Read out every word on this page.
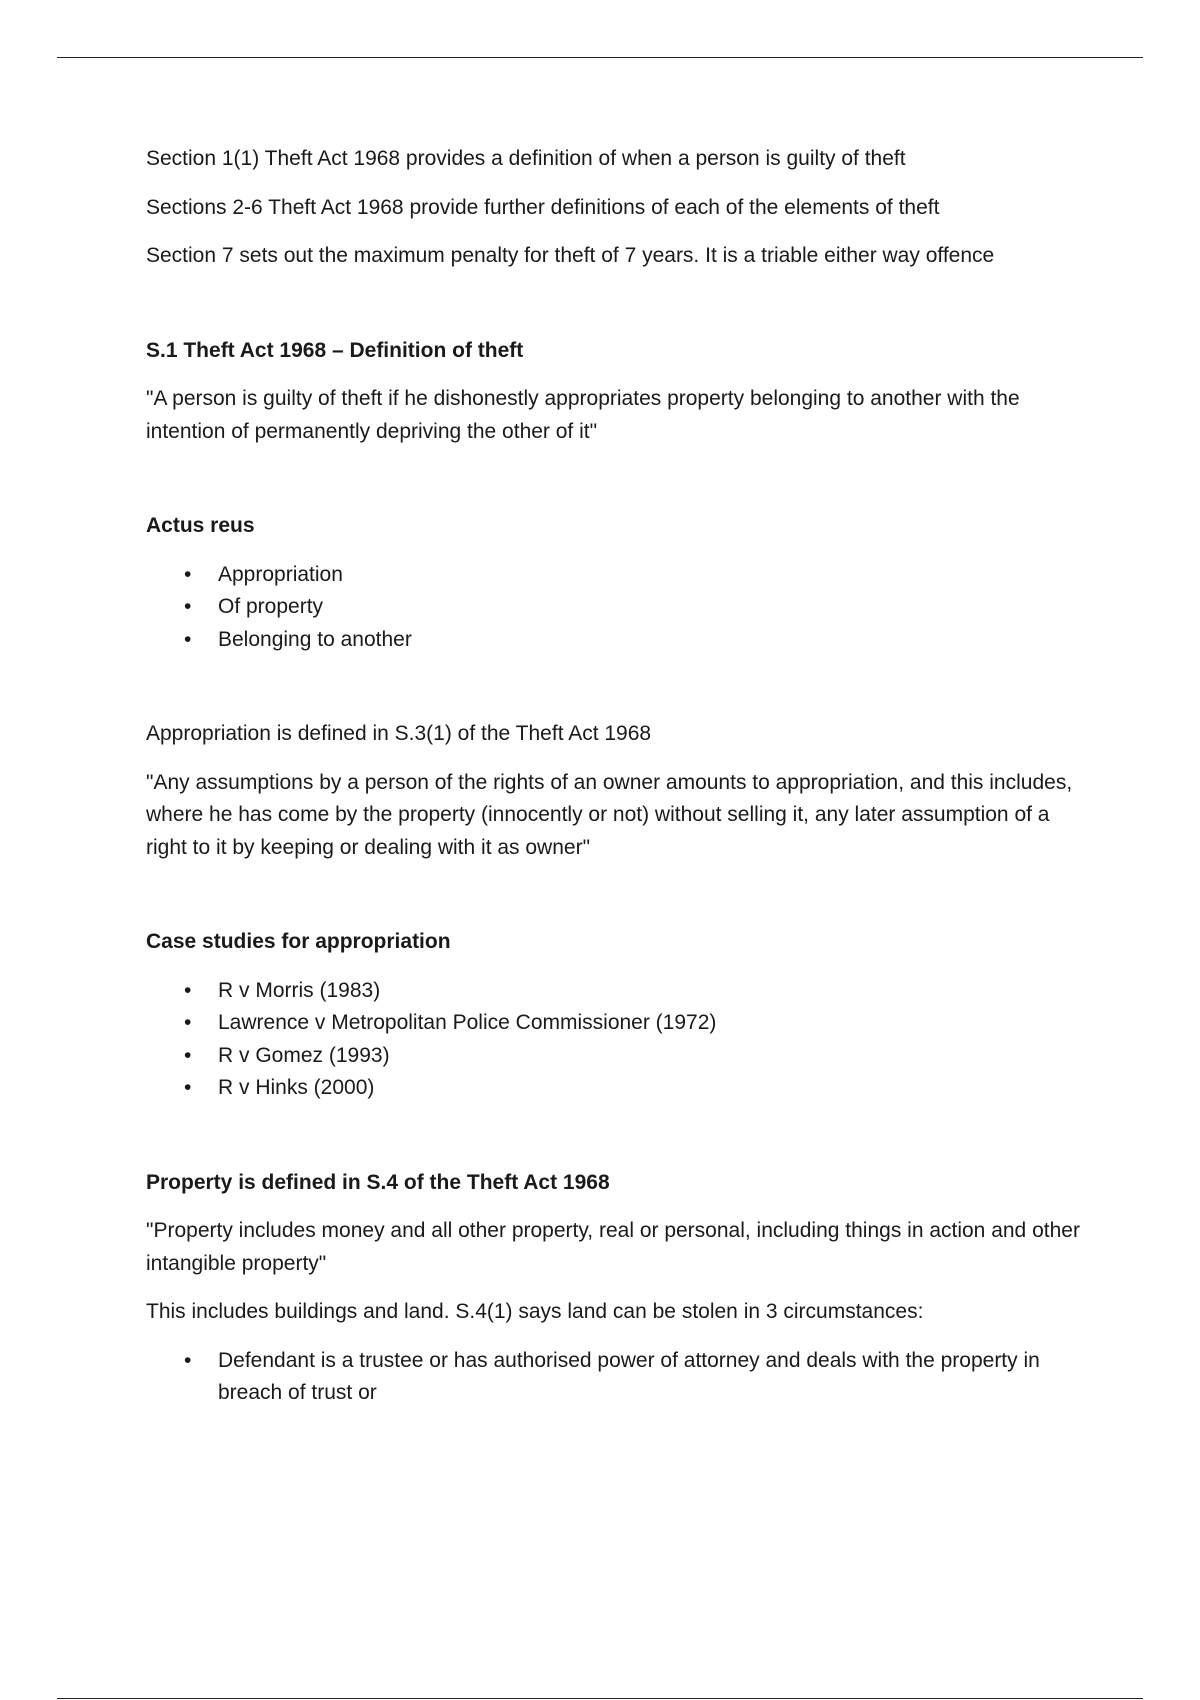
Section 1(1) Theft Act 1968 provides a definition of when a person is guilty of theft

Sections 2-6 Theft Act 1968 provide further definitions of each of the elements of theft

Section 7 sets out the maximum penalty for theft of 7 years. It is a triable either way offence

S.1 Theft Act 1968 – Definition of theft

"A person is guilty of theft if he dishonestly appropriates property belonging to another with the intention of permanently depriving the other of it"

Actus reus

• Appropriation
• Of property
• Belonging to another

Appropriation is defined in S.3(1) of the Theft Act 1968

"Any assumptions by a person of the rights of an owner amounts to appropriation, and this includes, where he has come by the property (innocently or not) without selling it, any later assumption of a right to it by keeping or dealing with it as owner"

Case studies for appropriation

• R v Morris (1983)
• Lawrence v Metropolitan Police Commissioner (1972)
• R v Gomez (1993)
• R v Hinks (2000)

Property is defined in S.4 of the Theft Act 1968

"Property includes money and all other property, real or personal, including things in action and other intangible property"

This includes buildings and land. S.4(1) says land can be stolen in 3 circumstances:

• Defendant is a trustee or has authorised power of attorney and deals with the property in breach of trust or
